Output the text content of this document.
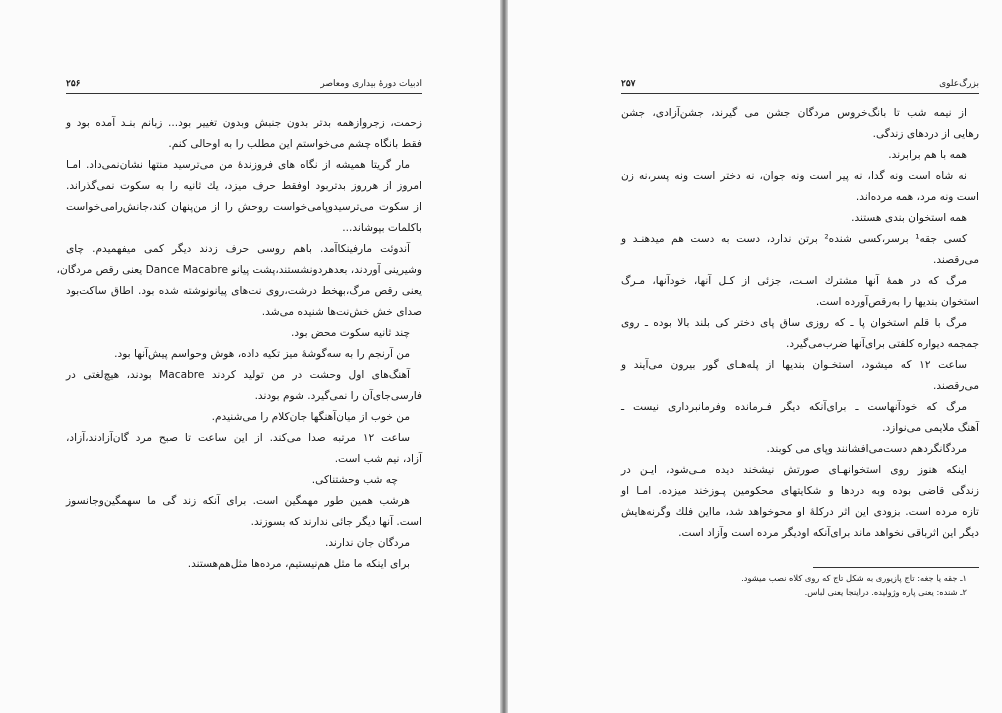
ادبیات دورهٔ بیداری ومعاصر
۲۵۶
زحمت، زجروازهمه بدتر بدون جنبش وبدون تغییر بود... زبانم بنـد آمده بود و
فقط بانگاه چشم می‌خواستم این مطلب را به اوحالی کنم.
مار گریتا همیشه از نگاه های فروزندهٔ من می‌ترسید منتها نشان‌نمی‌داد. امـا
امروز از هرروز بدتربود اوفقط حرف میزد، یك ثانیه را به سکوت نمی‌گذراند.
از سکوت می‌ترسیدوپامی‌خواست روحش را از من‌پنهان کند،جانش‌رامی‌خواست
باکلمات بپوشاند...
آندوئت مارفینکاآمد. باهم روسی حرف زدند دیگر کمی میفهمیدم. چای
وشیرینی آوردند، بعدهردونشستند،پشت پیانو Dance Macabre یعنی رقص مردگان،
یعنی رقص مرگ،بهخط درشت،روی نت‌های پیانونوشته شده بود. اطاق ساکت‌بود
صدای خش خش‌نت‌ها شنیده می‌شد.
چند ثانیه سکوت محض بود.
من آرنجم را به سه‌گوشهٔ میز تکیه داده، هوش وحواسم پیش‌آنها بود.
آهنگ‌های اول وحشت در من تولید کردند Macabre بودند، هیچ‌لغتی در
فارسی‌جای‌آن را نمی‌گیرد. شوم بودند.
من خوب از میان‌آهنگها جان‌کلام را می‌شنیدم.
ساعت ۱۲ مرتبه صدا می‌کند. از این ساعت تا صبح مرد گان‌آزادند،آزاد،
آزاد، نیم شب است.
چه شب وحشتناکی.
هرشب همین طور مهمگین است. برای آنکه زند گی ما سهمگین‌وجانسوز
است. آنها دیگر جائی ندارند که بسوزند.
مردگان جان ندارند.
برای اینکه ما مثل هم‌نیستیم، مرده‌ها مثل‌هم‌هستند.
بزرگ‌علوی
۲۵۷
از نیمه شب تا بانگ‌خروس مردگان جشن می گیرند، جشن‌آزادی، جشن
رهایی از دردهای زندگی.
همه با هم برابرند.
نه شاه است ونه گدا، نه پیر است ونه جوان، نه دختر است ونه پسر،نه زن
است ونه مرد، همه مرده‌اند.
همه استخوان بندی هستند.
کسی جقه¹ برسر،کسی شنده² برتن ندارد، دست به دست هم میدهنـد و
می‌رقصند.
مرگ که در همهٔ آنها مشترك اسـت، جزئی از کـل آنها، خودآنها، مـرگ
استخوان بندیها را به‌رقص‌آورده است.
مرگ با قلم استخوان پا ـ که روزی ساق پای دختر کی بلند بالا بوده ـ روی
جمجمه دیواره کلفتی برای‌آنها ضرب‌می‌گیرد.
ساعت ۱۲ که میشود، استخـوان بندیها از پله‌هـای گور بیرون می‌آیند و
می‌رقصند.
مرگ که خودآنهاست ـ برای‌آنکه دیگر فـرمانده وفرمانبرداری نیست ـ
آهنگ ملایمی می‌نوازد.
مردگانگردهم دست‌می‌افشانند وپای می کوبند.
اینکه هنوز روی استخوانهـای صورتش نیشخند دیده مـی‌شود، ایـن در
زندگی قاضی بوده وبه دردها و شکایتهای محکومین پـوزخند میزده. امـا او
تازه مرده است. بزودی این اثر درکلهٔ او محوخواهد شد، مااین فلك وگرنه‌هایش
دیگر این اثرباقی نخواهد ماند برای‌آنکه اودیگر مرده است وآزاد است.
۱ـ جقه یا جغه: تاج پازیوری به شکل تاج که روی کلاه نصب میشود.
۲ـ شنده: یعنی پاره وژولیده. دراینجا یعنی لباس.
